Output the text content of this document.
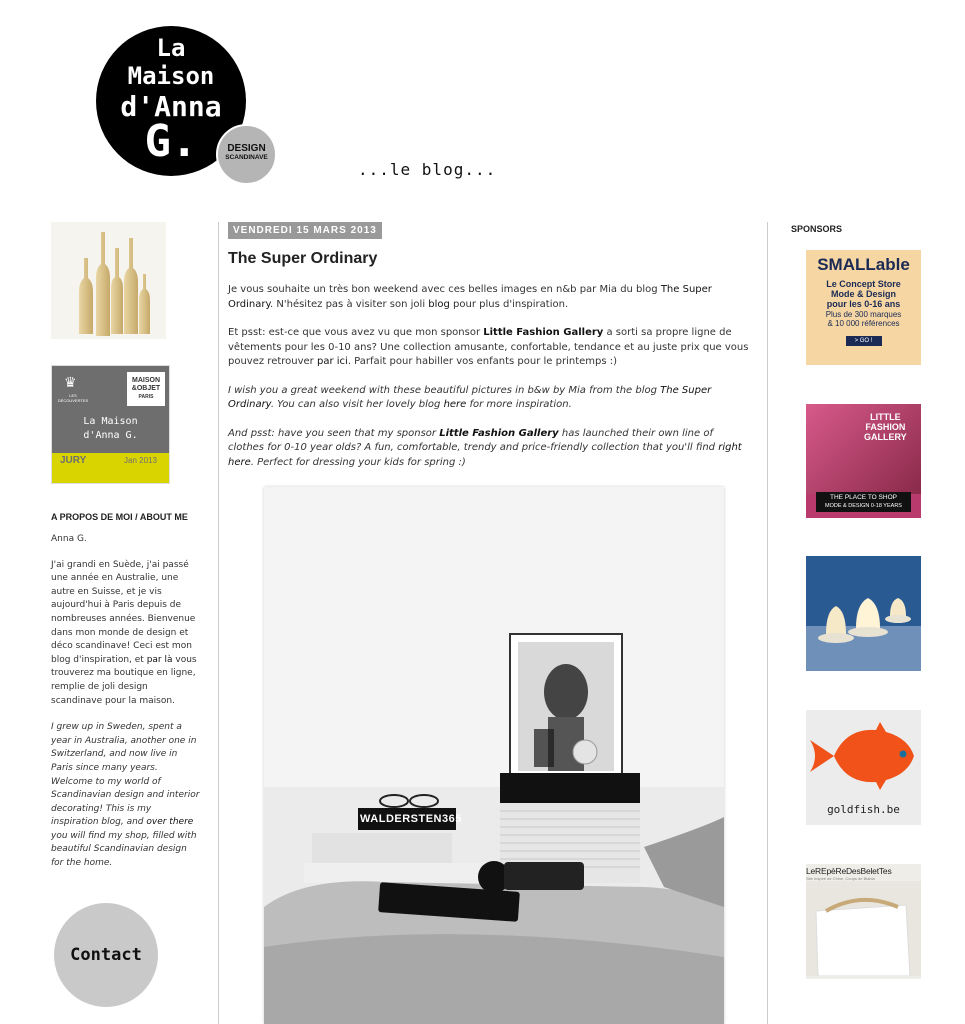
La
Maison
d'Anna
G.	DESIGN
SCANDINAVE
...le blog...
♛
LES DÉCOUVERTES
MAISON
&OBJET
PARIS
La Maison
d'Anna G.
JURY	Jan 2013
A PROPOS DE MOI / ABOUT ME
Anna G.
J'ai grandi en Suède, j'ai passé une année en Australie, une autre en Suisse, et je vis aujourd'hui à Paris depuis de nombreuses années. Bienvenue dans mon monde de design et déco scandinave! Ceci est mon blog d'inspiration, et par là vous trouverez ma boutique en ligne, remplie de joli design scandinave pour la maison.
I grew up in Sweden, spent a year in Australia, another one in Switzerland, and now live in Paris since many years. Welcome to my world of Scandinavian design and interior decorating! This is my inspiration blog, and over there you will find my shop, filled with beautiful Scandinavian design for the home.
Contact
VENDREDI 15 MARS 2013
The Super Ordinary

Je vous souhaite un très bon weekend avec ces belles images en n&b par Mia du blog The Super Ordinary. N'hésitez pas à visiter son joli blog pour plus d'inspiration.

Et psst: est-ce que vous avez vu que mon sponsor Little Fashion Gallery a sorti sa propre ligne de vêtements pour les 0-10 ans? Une collection amusante, confortable, tendance et au juste prix que vous pouvez retrouver par ici. Parfait pour habiller vos enfants pour le printemps :)

I wish you a great weekend with these beautiful pictures in b&w by Mia from the blog The Super Ordinary. You can also visit her lovely blog here for more inspiration.

And psst: have you seen that my sponsor Little Fashion Gallery has launched their own line of clothes for 0-10 year olds? A fun, comfortable, trendy and price-friendly collection that you'll find right here. Perfect for dressing your kids for spring :)

WALDERSTEN365
SPONSORS
SMALLable
Le Concept Store
Mode & Design
pour les 0-16 ans
Plus de 300 marques
& 10 000 références
> GO !
LITTLE
FASHION
GALLERY
THE PLACE TO SHOP
MODE & DESIGN 0-18 YEARS
goldfish.be
LeREpèReDesBeletTes
Site Inspiré de Chine, Coups de Blabla
